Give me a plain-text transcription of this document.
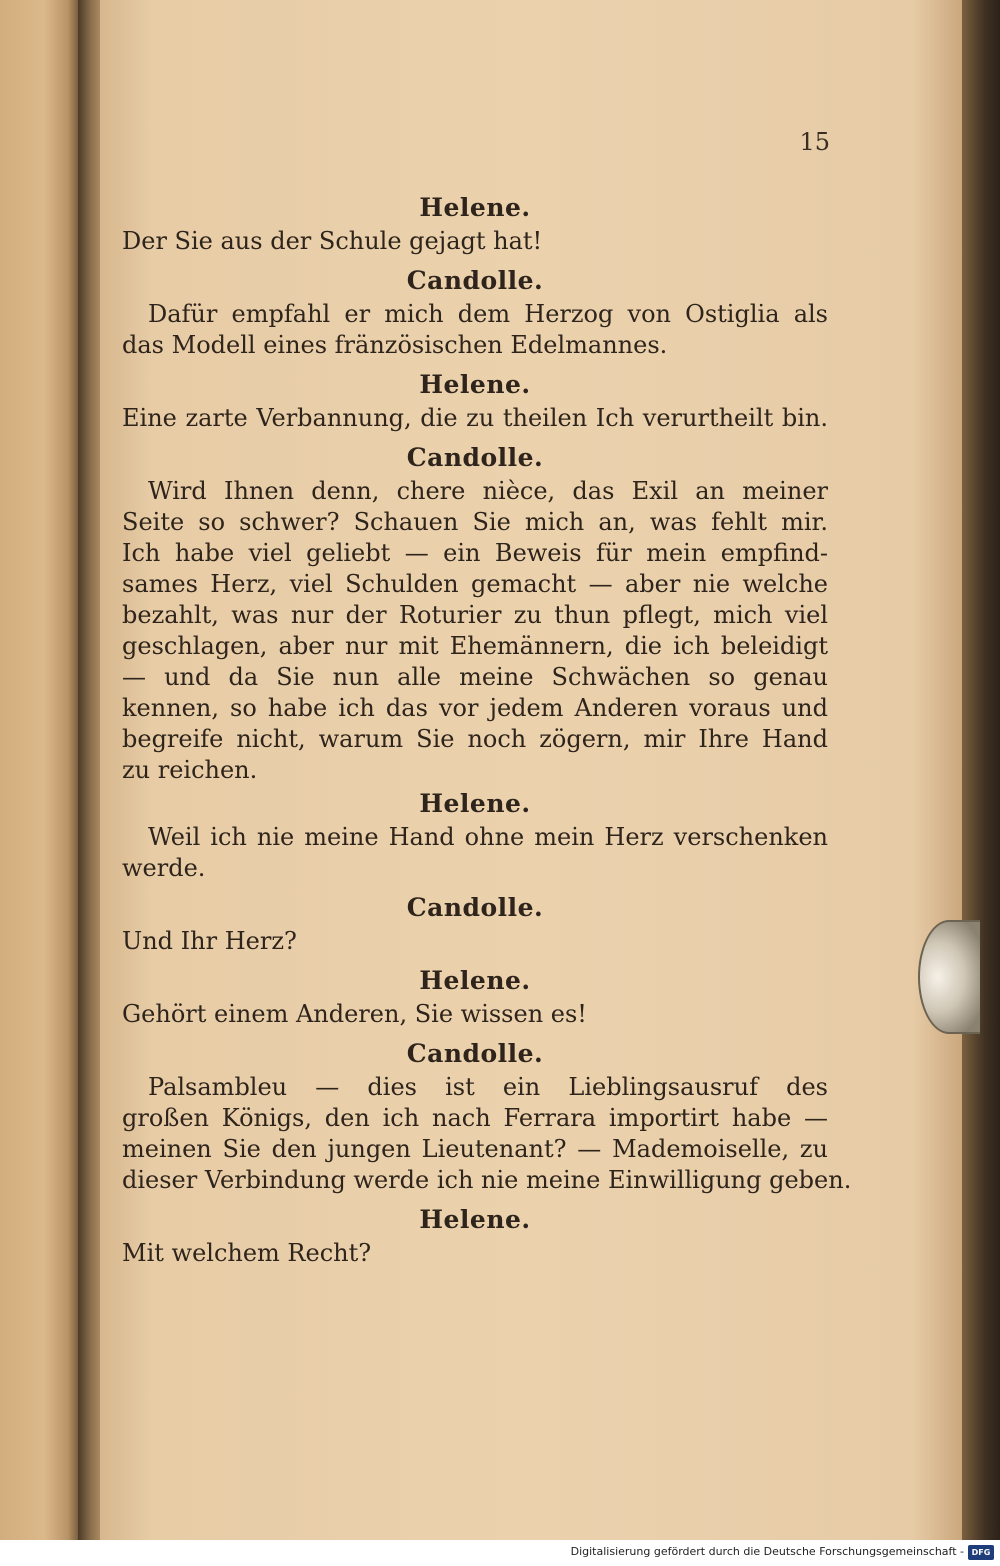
15

Helene.

Der Sie aus der Schule gejagt hat!

Candolle.

Dafür empfahl er mich dem Herzog von Ostiglia als

das Modell eines fränzösischen Edelmannes.

Helene.

Eine zarte Verbannung, die zu theilen Ich verurtheilt bin.

Candolle.

Wird Ihnen denn, chere nièce, das Exil an meiner

Seite so schwer? Schauen Sie mich an, was fehlt mir.

Ich habe viel geliebt — ein Beweis für mein empfind-

sames Herz, viel Schulden gemacht — aber nie welche

bezahlt, was nur der Roturier zu thun pflegt, mich viel

geschlagen, aber nur mit Ehemännern, die ich beleidigt

— und da Sie nun alle meine Schwächen so genau

kennen, so habe ich das vor jedem Anderen voraus und

begreife nicht, warum Sie noch zögern, mir Ihre Hand

zu reichen.

Helene.

Weil ich nie meine Hand ohne mein Herz verschenken

werde.

Candolle.

Und Ihr Herz?

Helene.

Gehört einem Anderen, Sie wissen es!

Candolle.

Palsambleu — dies ist ein Lieblingsausruf des

großen Königs, den ich nach Ferrara importirt habe —

meinen Sie den jungen Lieutenant? — Mademoiselle, zu

dieser Verbindung werde ich nie meine Einwilligung geben.

Helene.

Mit welchem Recht?

Digitalisierung gefördert durch die Deutsche Forschungsgemeinschaft - DFG
